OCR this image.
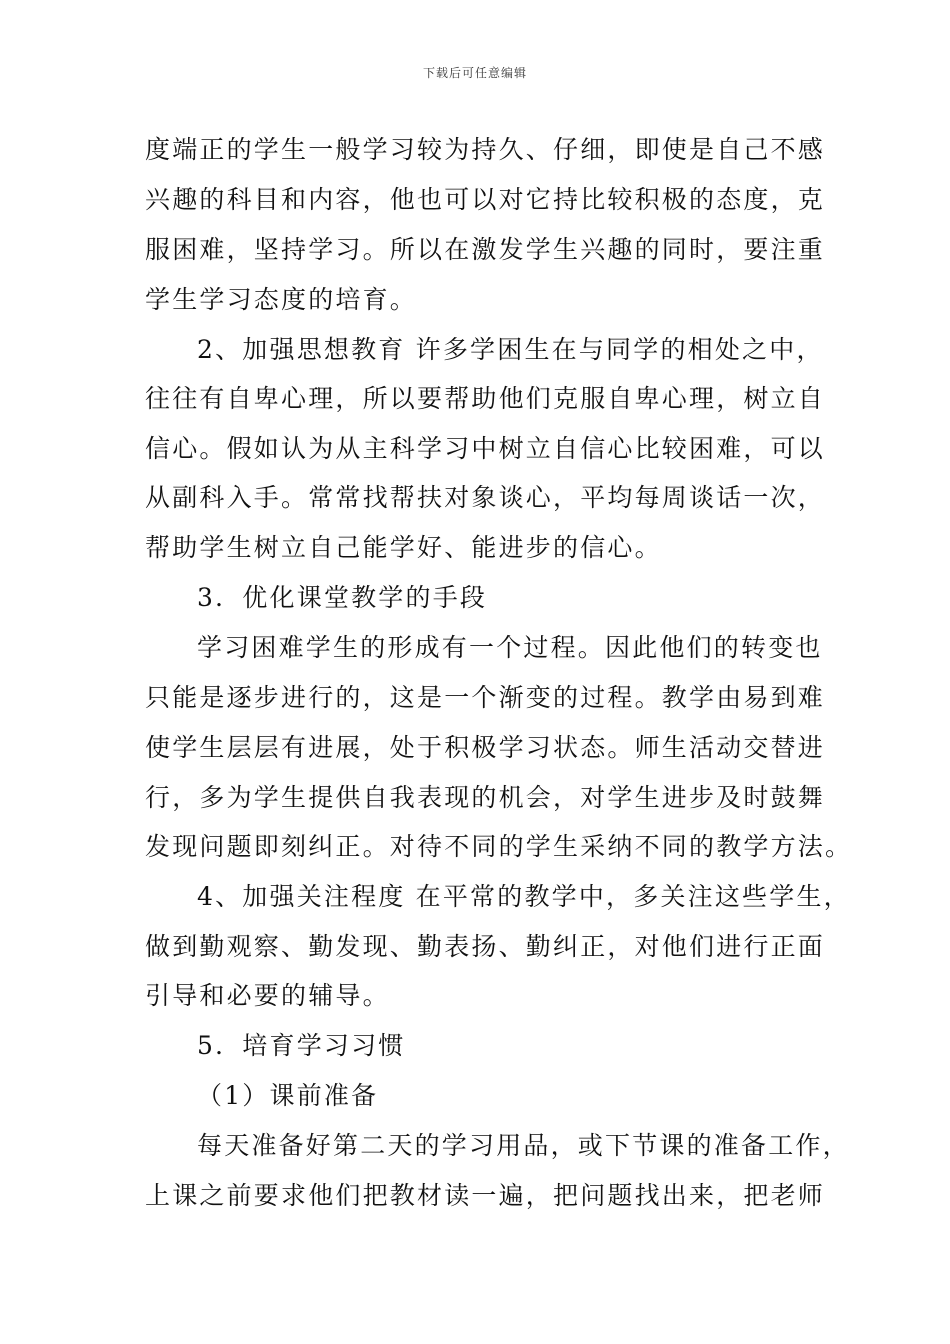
下载后可任意编辑
度端正的学生一般学习较为持久、仔细，即使是自己不感
兴趣的科目和内容，他也可以对它持比较积极的态度，克
服困难，坚持学习。所以在激发学生兴趣的同时，要注重
学生学习态度的培育。
2、加强思想教育 许多学困生在与同学的相处之中，
往往有自卑心理，所以要帮助他们克服自卑心理，树立自
信心。假如认为从主科学习中树立自信心比较困难，可以
从副科入手。常常找帮扶对象谈心，平均每周谈话一次，
帮助学生树立自己能学好、能进步的信心。
3．优化课堂教学的手段
学习困难学生的形成有一个过程。因此他们的转变也
只能是逐步进行的，这是一个渐变的过程。教学由易到难
使学生层层有进展，处于积极学习状态。师生活动交替进
行，多为学生提供自我表现的机会，对学生进步及时鼓舞
发现问题即刻纠正。对待不同的学生采纳不同的教学方法。
4、加强关注程度 在平常的教学中，多关注这些学生，
做到勤观察、勤发现、勤表扬、勤纠正，对他们进行正面
引导和必要的辅导。
5．培育学习习惯
（1）课前准备
每天准备好第二天的学习用品，或下节课的准备工作，
上课之前要求他们把教材读一遍，把问题找出来，把老师
